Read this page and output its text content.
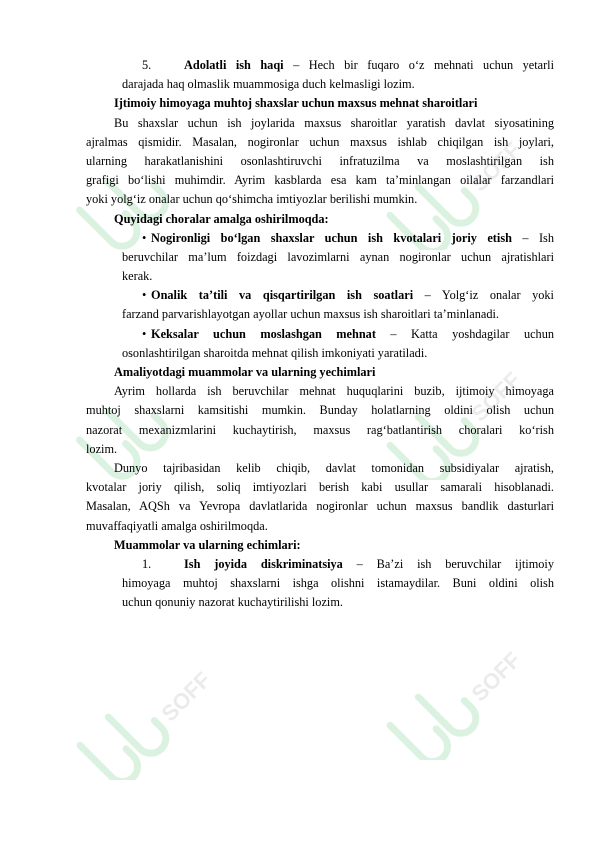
SOFF
SOFF
SOFF	SOFF
5.	Adolatli ish haqi – Hech bir fuqaro o‘z mehnati uchun yetarli
darajada haq olmaslik muammosiga duch kelmasligi lozim.
Ijtimoiy himoyaga muhtoj shaxslar uchun maxsus mehnat sharoitlari
Bu shaxslar uchun ish joylarida maxsus sharoitlar yaratish davlat siyosatining
ajralmas qismidir. Masalan, nogironlar uchun maxsus ishlab chiqilgan ish joylari,
ularning harakatlanishini osonlashtiruvchi infratuzilma va moslashtirilgan ish
grafigi bo‘lishi muhimdir. Ayrim kasblarda esa kam ta’minlangan oilalar farzandlari
yoki yolg‘iz onalar uchun qo‘shimcha imtiyozlar berilishi mumkin.
Quyidagi choralar amalga oshirilmoqda:
• Nogironligi bo‘lgan shaxslar uchun ish kvotalari joriy etish – Ish
beruvchilar ma’lum foizdagi lavozimlarni aynan nogironlar uchun ajratishlari
kerak.
• Onalik ta’tili va qisqartirilgan ish soatlari – Yolg‘iz onalar yoki
farzand parvarishlayotgan ayollar uchun maxsus ish sharoitlari ta’minlanadi.
• Keksalar uchun moslashgan mehnat – Katta yoshdagilar uchun
osonlashtirilgan sharoitda mehnat qilish imkoniyati yaratiladi.
Amaliyotdagi muammolar va ularning yechimlari
Ayrim hollarda ish beruvchilar mehnat huquqlarini buzib, ijtimoiy himoyaga
muhtoj shaxslarni kamsitishi mumkin. Bunday holatlarning oldini olish uchun
nazorat mexanizmlarini kuchaytirish, maxsus rag‘batlantirish choralari ko‘rish
lozim.
Dunyo tajribasidan kelib chiqib, davlat tomonidan subsidiyalar ajratish,
kvotalar joriy qilish, soliq imtiyozlari berish kabi usullar samarali hisoblanadi.
Masalan, AQSh va Yevropa davlatlarida nogironlar uchun maxsus bandlik dasturlari
muvaffaqiyatli amalga oshirilmoqda.
Muammolar va ularning echimlari:
1.	Ish joyida diskriminatsiya – Ba’zi ish beruvchilar ijtimoiy
himoyaga muhtoj shaxslarni ishga olishni istamaydilar. Buni oldini olish
uchun qonuniy nazorat kuchaytirilishi lozim.
